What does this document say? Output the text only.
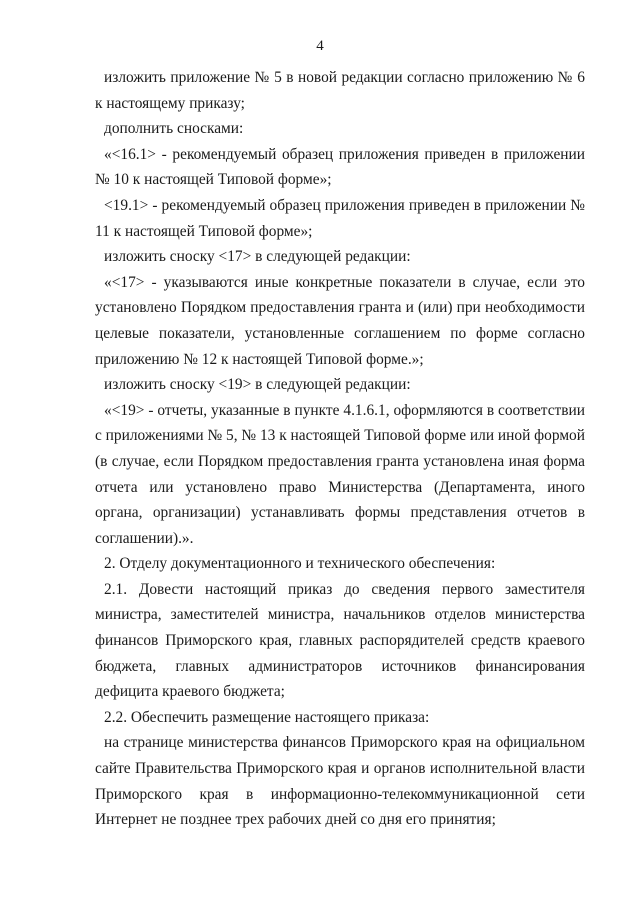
4

изложить приложение № 5 в новой редакции согласно приложению № 6 к настоящему приказу;

дополнить сносками:

«<16.1> - рекомендуемый образец приложения приведен в приложении № 10 к настоящей Типовой форме»;

<19.1> - рекомендуемый образец приложения приведен в приложении № 11 к настоящей Типовой форме»;

изложить сноску <17> в следующей редакции:

«<17> - указываются иные конкретные показатели в случае, если это установлено Порядком предоставления гранта и (или) при необходимости целевые показатели, установленные соглашением по форме согласно приложению № 12 к настоящей Типовой форме.»;

изложить сноску <19> в следующей редакции:

«<19> - отчеты, указанные в пункте 4.1.6.1, оформляются в соответствии с приложениями № 5, № 13 к настоящей Типовой форме или иной формой (в случае, если Порядком предоставления гранта установлена иная форма отчета или установлено право Министерства (Департамента, иного органа, организации) устанавливать формы представления отчетов в соглашении).».

2. Отделу документационного и технического обеспечения:

2.1. Довести настоящий приказ до сведения первого заместителя министра, заместителей министра, начальников отделов министерства финансов Приморского края, главных распорядителей средств краевого бюджета, главных администраторов источников финансирования дефицита краевого бюджета;

2.2. Обеспечить размещение настоящего приказа:

на странице министерства финансов Приморского края на официальном сайте Правительства Приморского края и органов исполнительной власти Приморского края в информационно-телекоммуникационной сети Интернет не позднее трех рабочих дней со дня его принятия;
